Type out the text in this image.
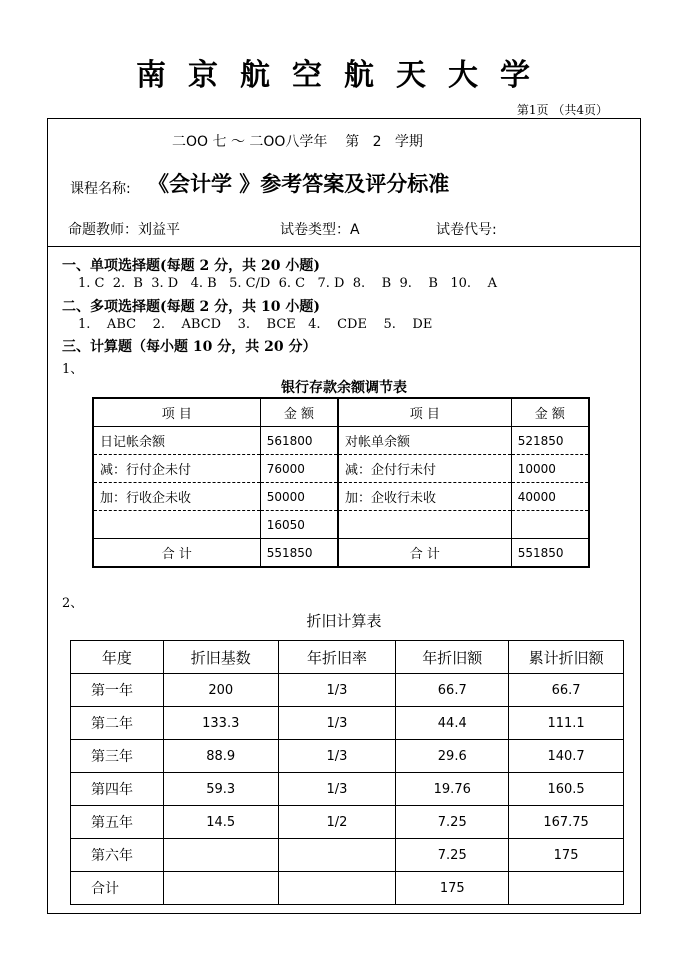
南京航空航天大学
第1页 （共4页）
二OO 七 ～ 二OO八学年    第   2   学期
课程名称: 《会计学 》参考答案及评分标准
命题教师：刘益平	试卷类型：A	试卷代号:
一、单项选择题(每题 2 分，共 20 小题)
1. C  2.  B  3. D   4. B   5. C/D  6. C   7. D  8.    B  9.    B   10.    A
二、多项选择题(每题 2 分，共 10 小题)
1.    ABC    2.    ABCD    3.    BCE   4.    CDE    5.    DE
三、计算题（每小题 10 分，共 20 分）
1、
银行存款余额调节表
项 目	金 额	项 目	金 额
日记帐余额	561800	对帐单余额	521850
减：行付企未付	76000	减：企付行未付	10000
加：行收企未收	50000	加：企收行未收	40000
	16050		
合 计	551850	合 计	551850
2、
折旧计算表
年度	折旧基数	年折旧率	年折旧额	累计折旧额
第一年	200	1/3	66.7	66.7
第二年	133.3	1/3	44.4	111.1
第三年	88.9	1/3	29.6	140.7
第四年	59.3	1/3	19.76	160.5
第五年	14.5	1/2	7.25	167.75
第六年			7.25	175
合计			175	
